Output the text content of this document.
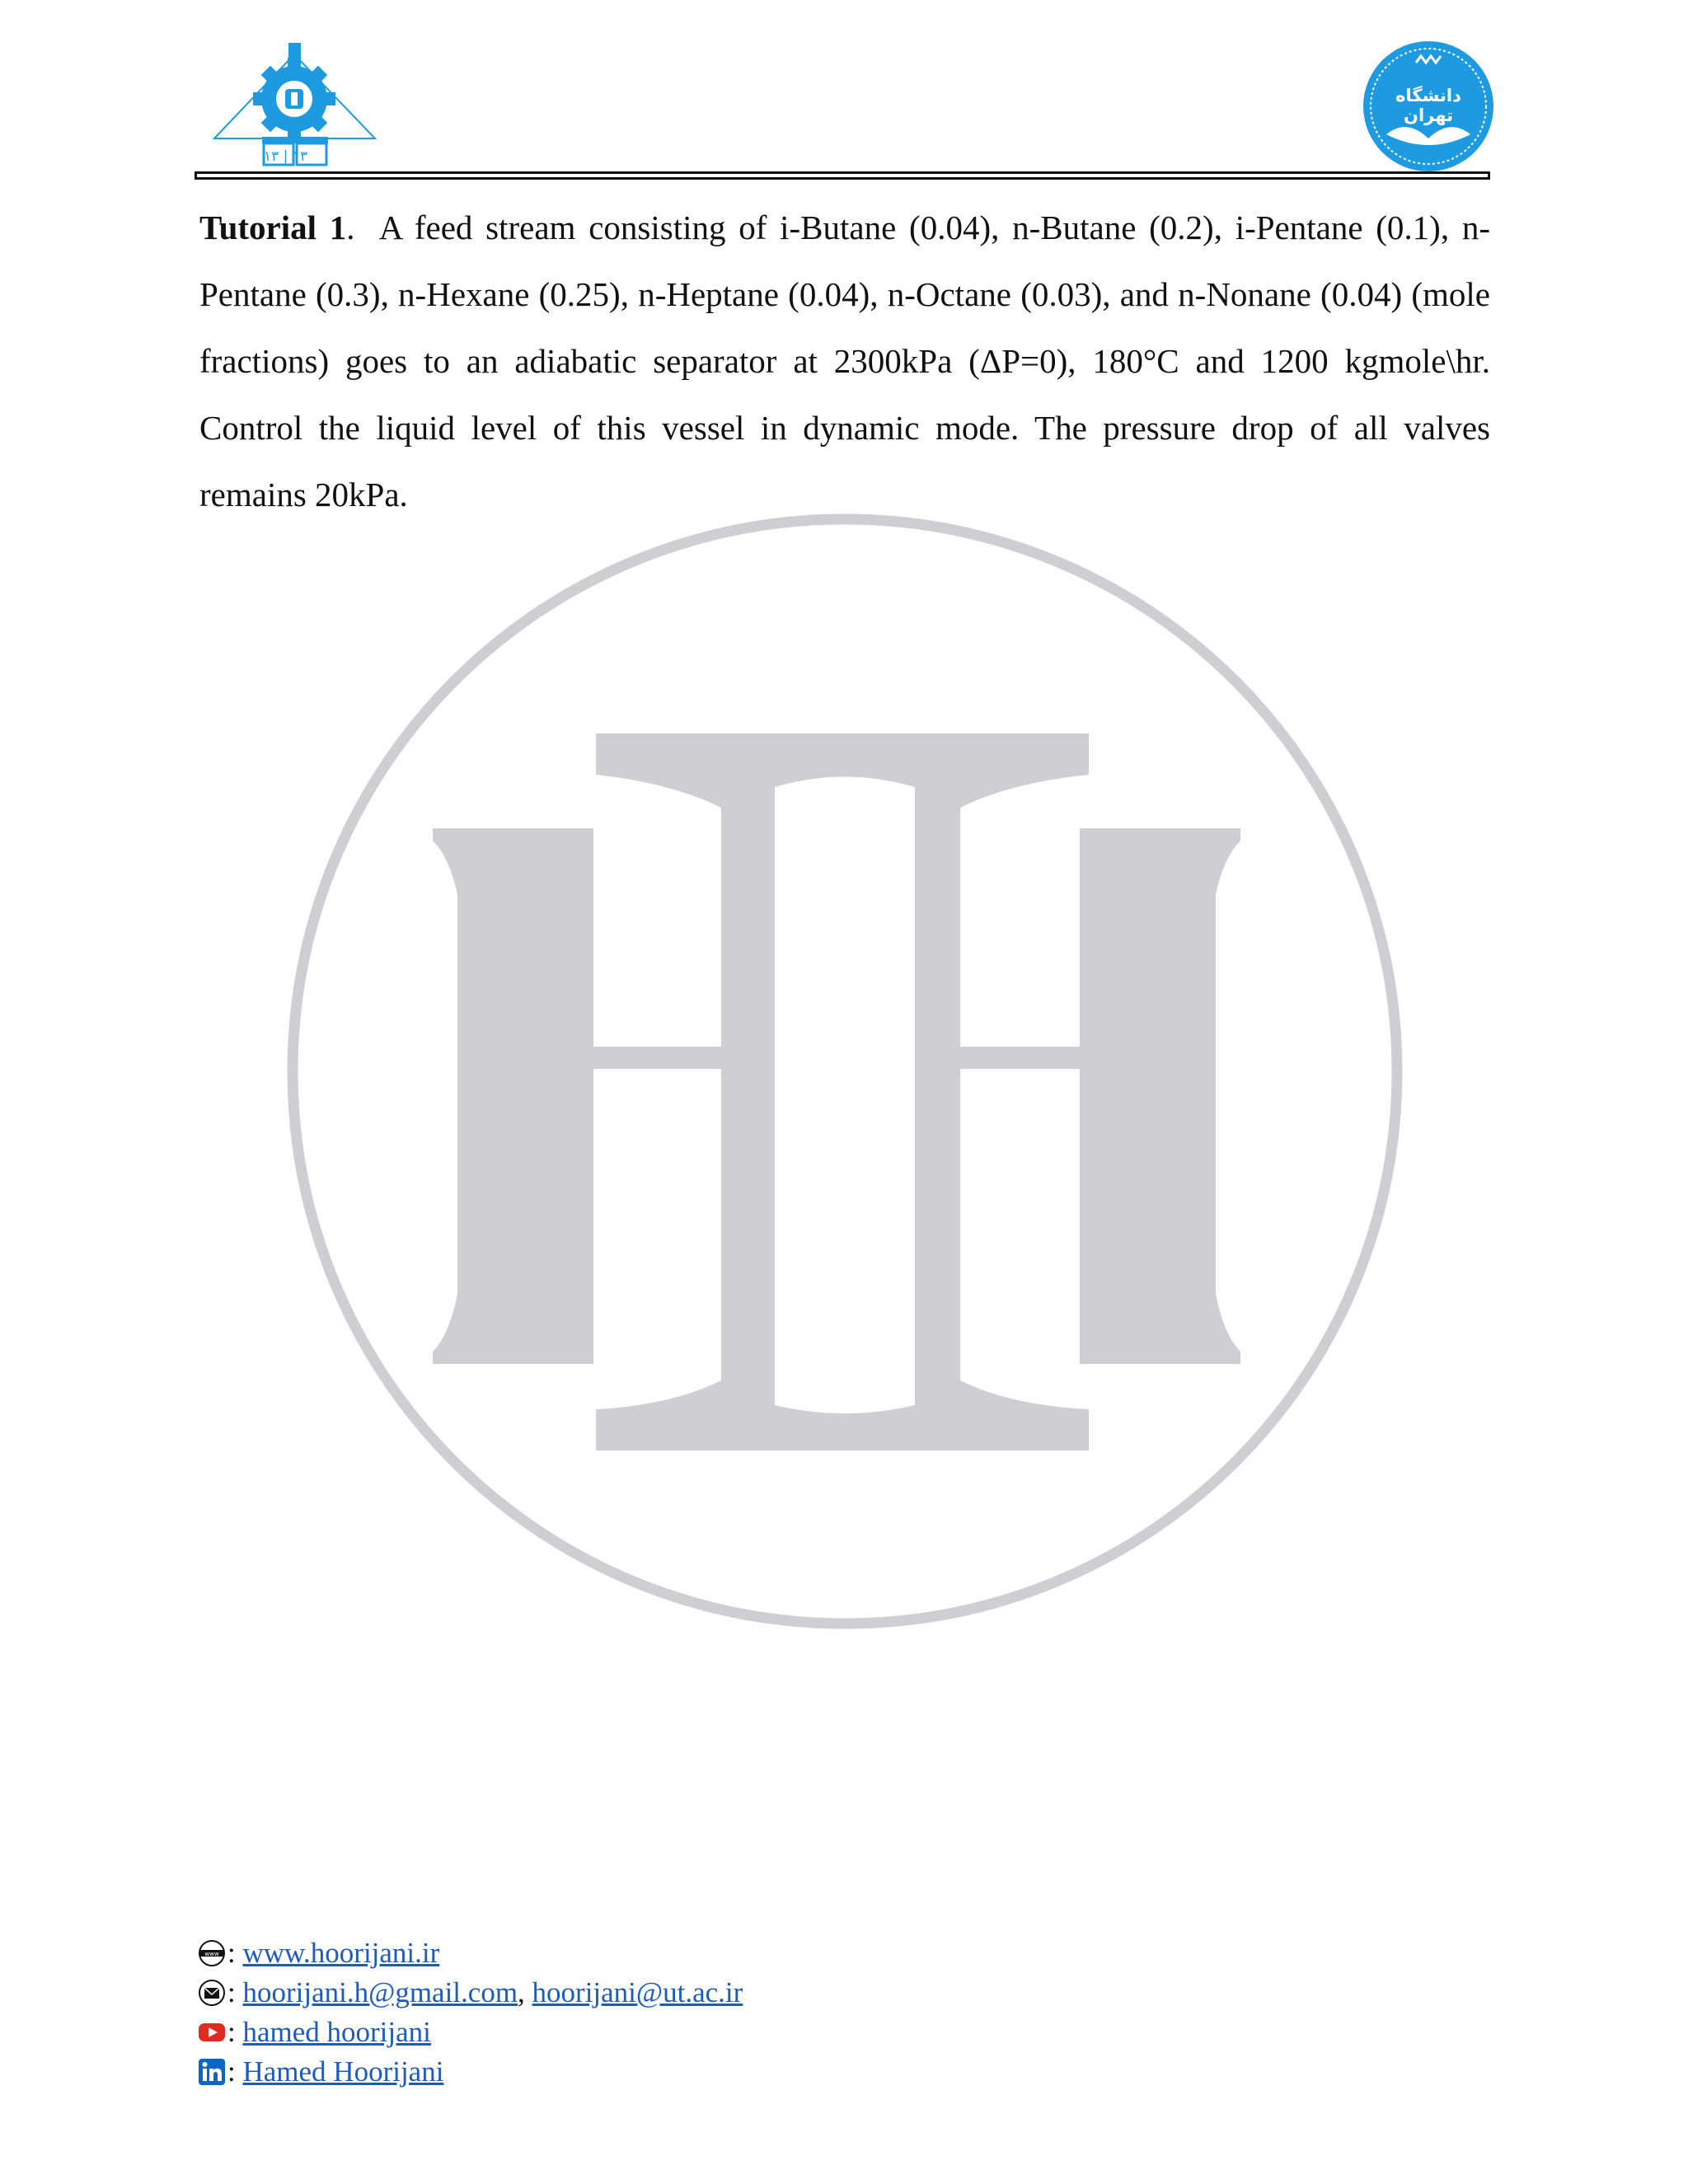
۱۳ | ۱۳
دانشگاه تهران
Tutorial 1. A feed stream consisting of i-Butane (0.04), n-Butane (0.2), i-Pentane (0.1), n-Pentane (0.3), n-Hexane (0.25), n-Heptane (0.04), n-Octane (0.03), and n-Nonane (0.04) (mole fractions) goes to an adiabatic separator at 2300kPa (ΔP=0), 180°C and 1200 kgmole\hr. Control the liquid level of this vessel in dynamic mode. The pressure drop of all valves remains 20kPa.
www :
www.hoorijani.ir
:
hoorijani.h@gmail.com ,
hoorijani@ut.ac.ir
:
hamed hoorijani
:
Hamed Hoorijani
